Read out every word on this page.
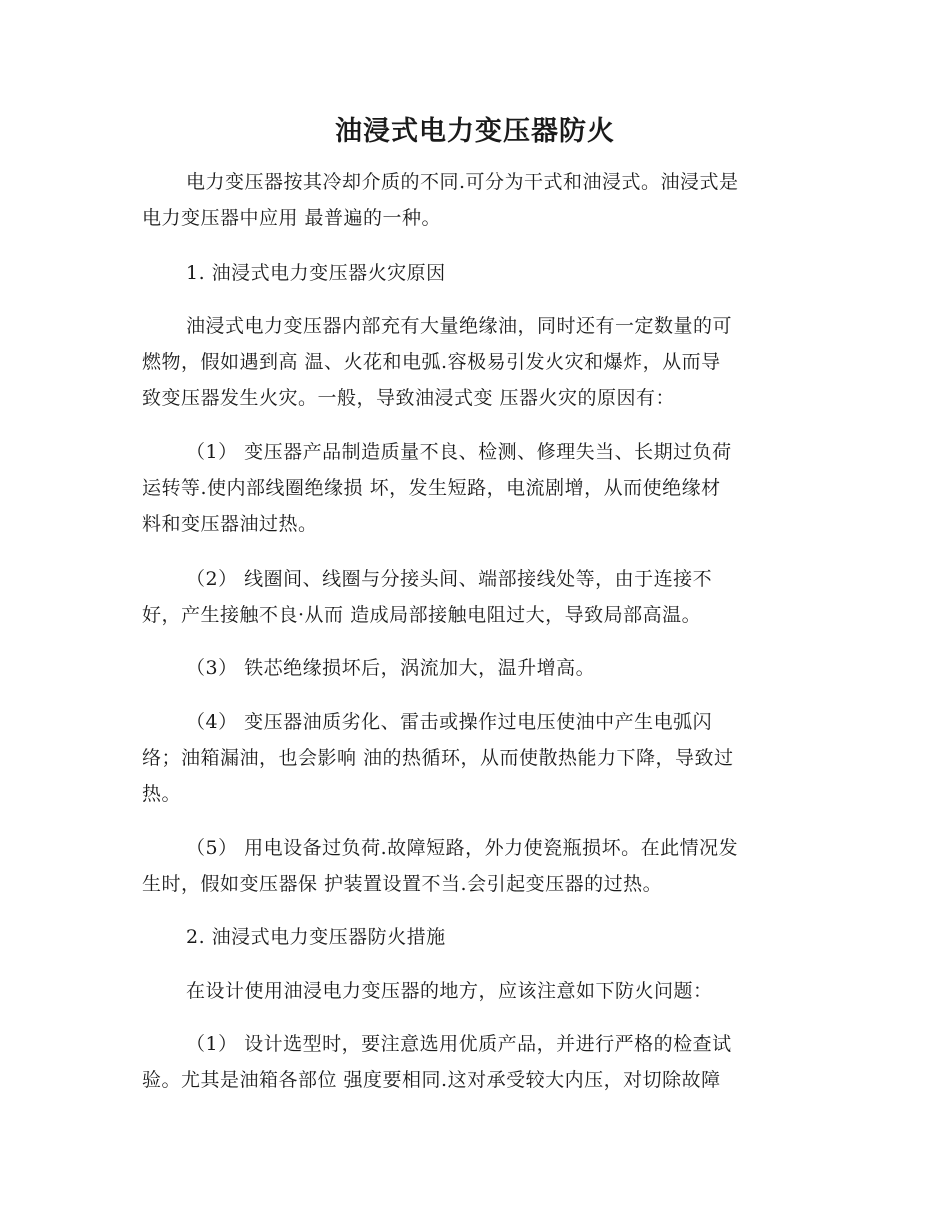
油浸式电力变压器防火
电力变压器按其冷却介质的不同.可分为干式和油浸式。油浸式是
电力变压器中应用 最普遍的一种。
1. 油浸式电力变压器火灾原因
油浸式电力变压器内部充有大量绝缘油，同时还有一定数量的可
燃物，假如遇到高 温、火花和电弧.容极易引发火灾和爆炸，从而导
致变压器发生火灾。一般，导致油浸式变 压器火灾的原因有：
（1） 变压器产品制造质量不良、检测、修理失当、长期过负荷
运转等.使内部线圈绝缘损 坏，发生短路，电流剧增，从而使绝缘材
料和变压器油过热。
（2） 线圈间、线圈与分接头间、端部接线处等，由于连接不
好，产生接触不良·从而 造成局部接触电阻过大，导致局部高温。
（3） 铁芯绝缘损坏后，涡流加大，温升增高。
（4） 变压器油质劣化、雷击或操作过电压使油中产生电弧闪
络；油箱漏油，也会影响 油的热循环，从而使散热能力下降，导致过
热。
（5） 用电设备过负荷.故障短路，外力使瓷瓶损坏。在此情况发
生时，假如变压器保 护装置设置不当.会引起变压器的过热。
2. 油浸式电力变压器防火措施
在设计使用油浸电力变压器的地方，应该注意如下防火问题：
（1） 设计选型时，要注意选用优质产品，并进行严格的检查试
验。尤其是油箱各部位 强度要相同.这对承受较大内压，对切除故障
